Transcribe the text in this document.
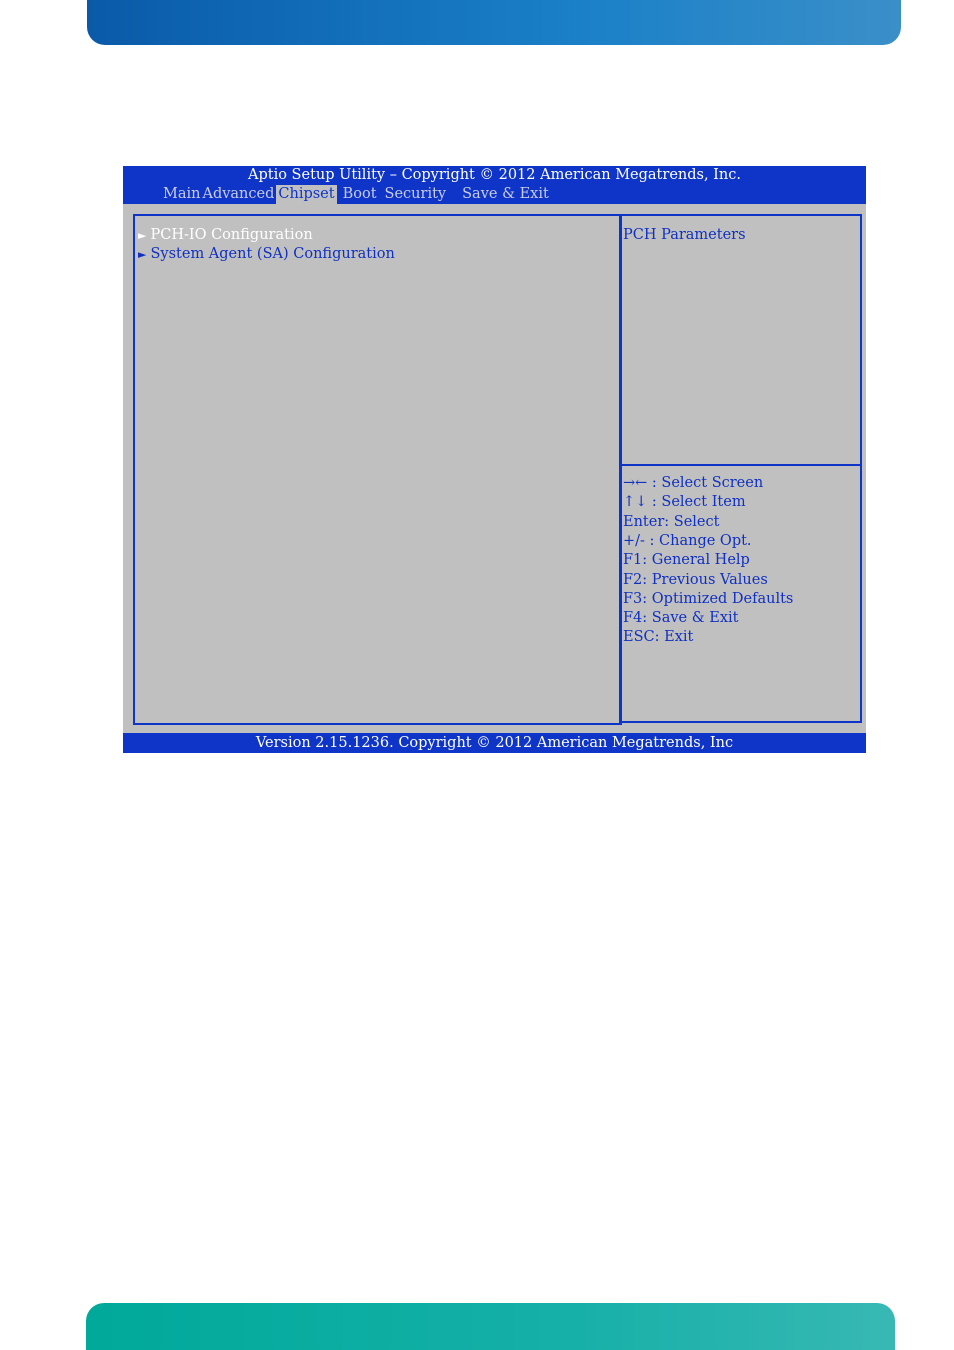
Aptio Setup Utility – Copyright © 2012 American Megatrends, Inc.
Main Advanced Chipset Boot Security Save & Exit
► PCH-IO Configuration
► System Agent (SA) Configuration
PCH Parameters
→← : Select Screen
↑↓ : Select Item
Enter: Select
+/- : Change Opt.
F1: General Help
F2: Previous Values
F3: Optimized Defaults
F4: Save & Exit
ESC: Exit
Version 2.15.1236. Copyright © 2012 American Megatrends, Inc
